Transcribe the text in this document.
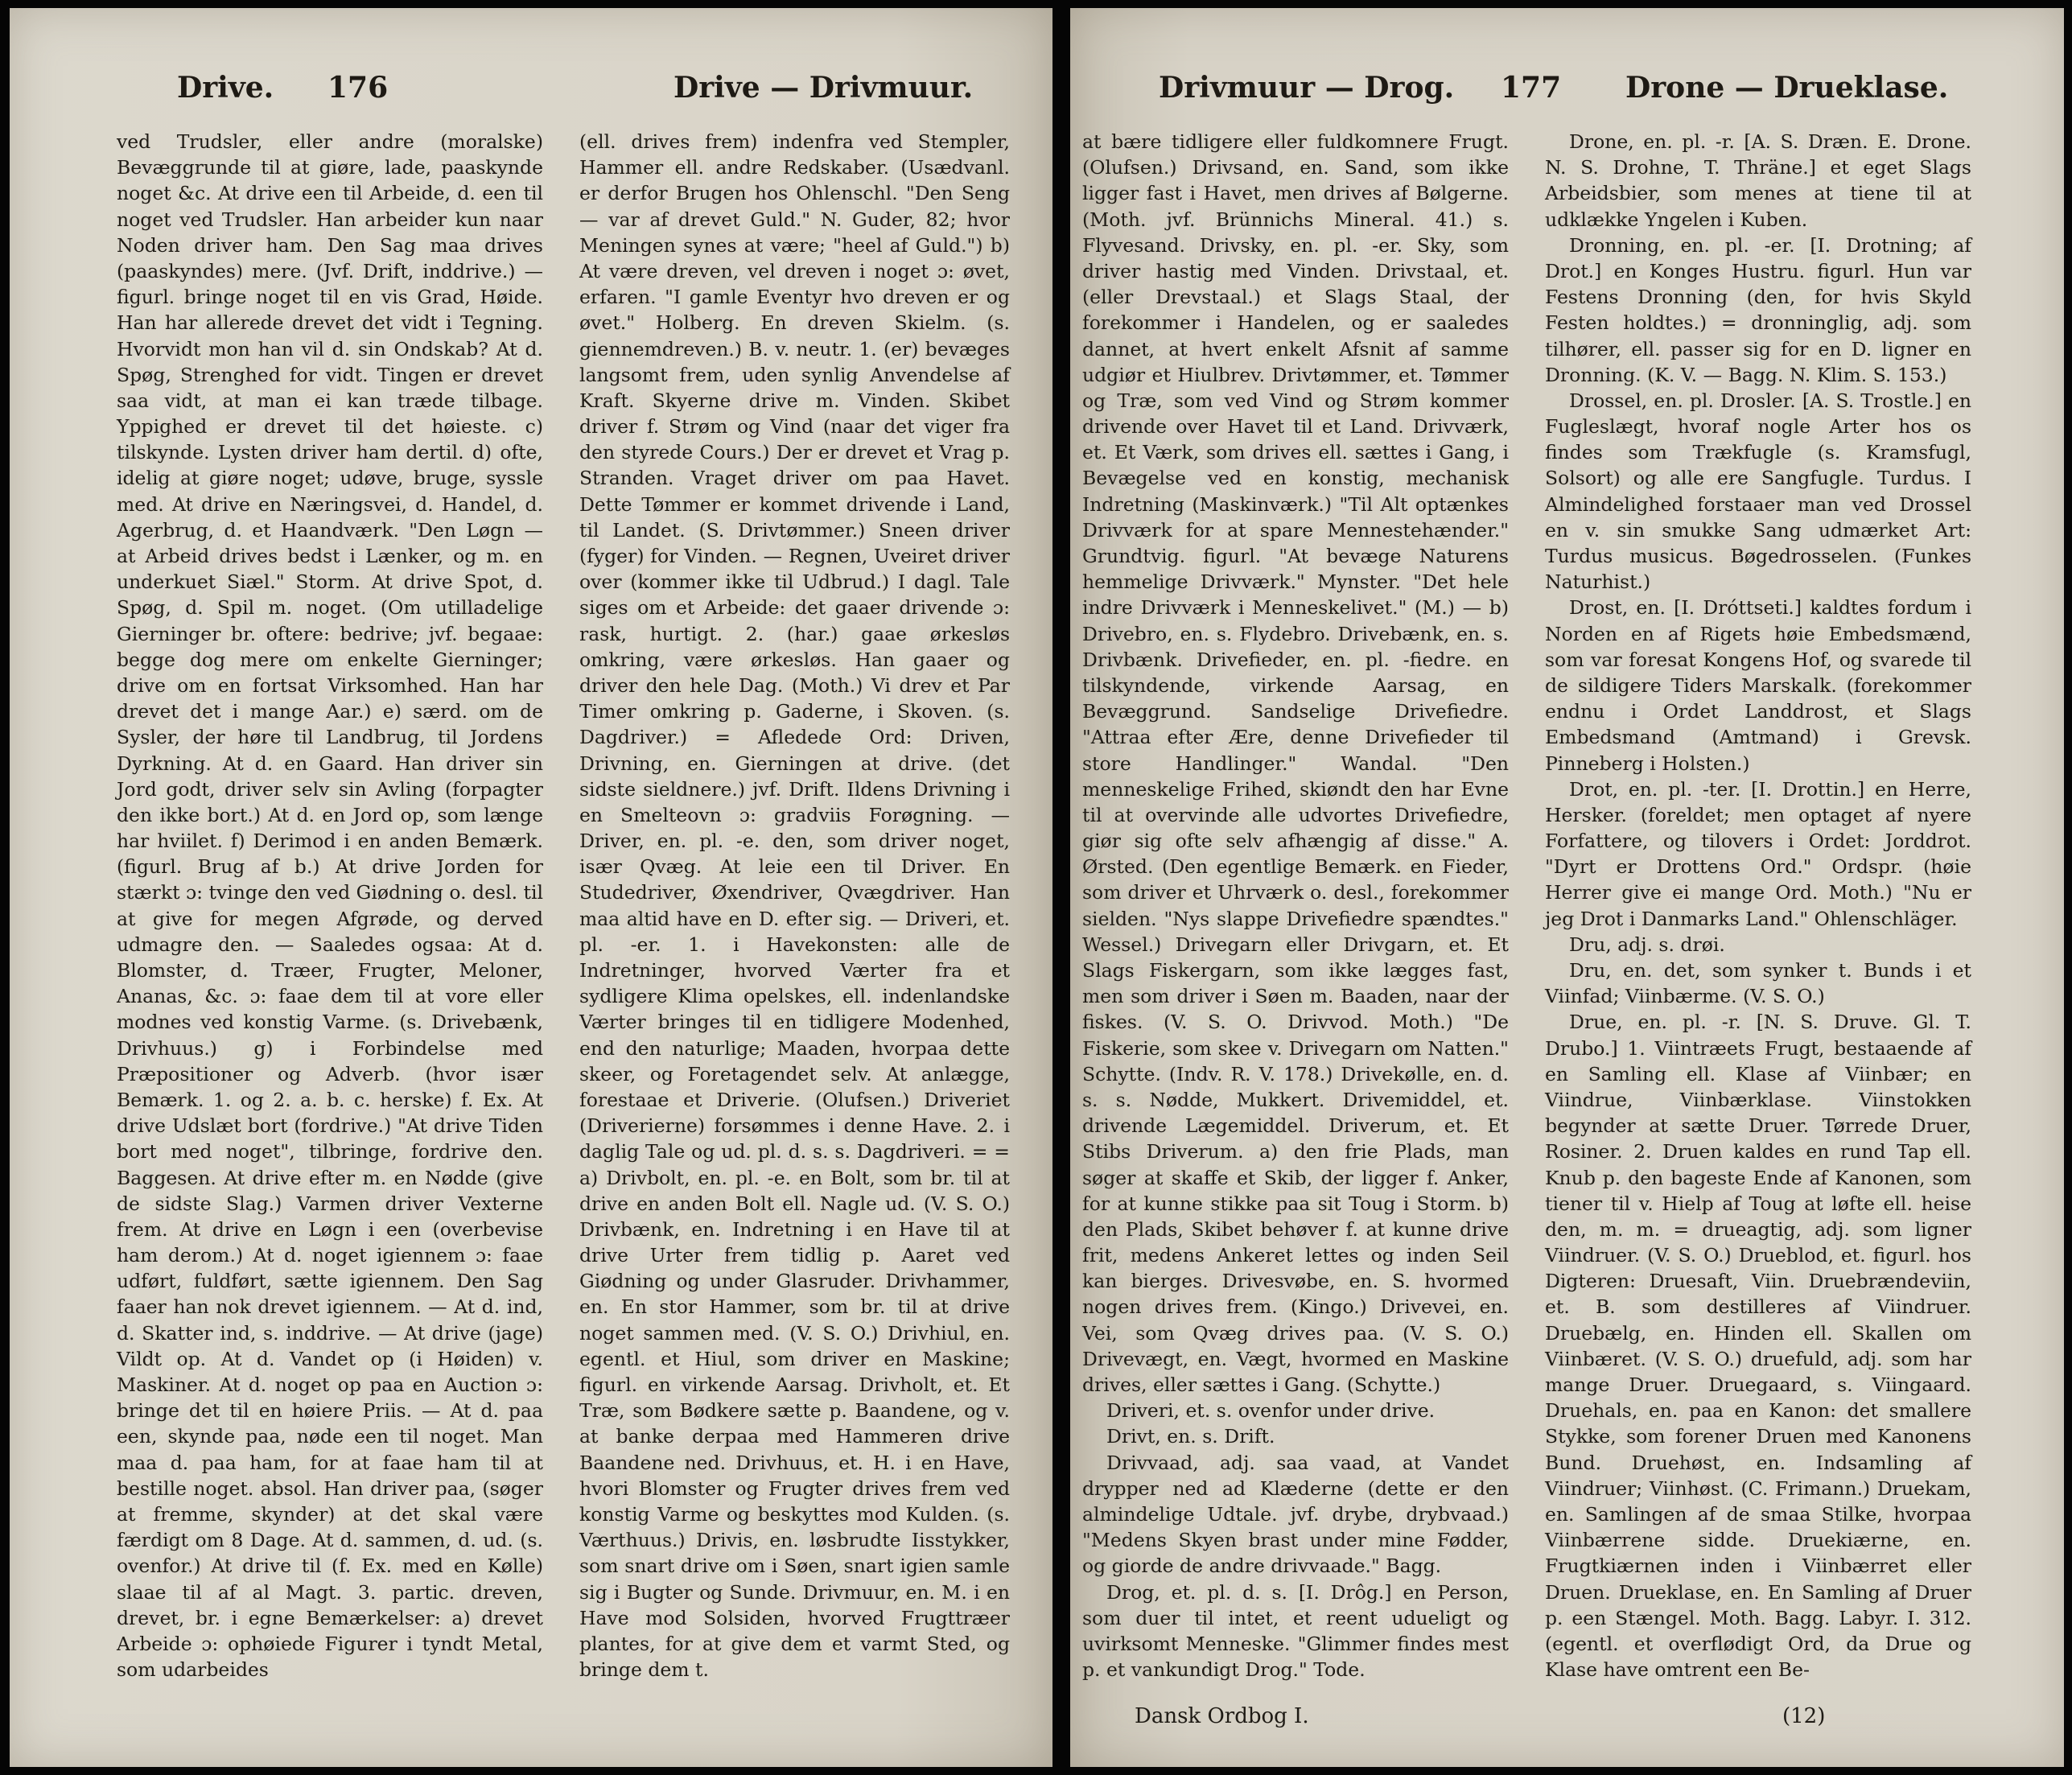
Drive. 176	Drive — Drivmuur.	Drivmuur — Drog. 177 Drone — Drueklase.

ved Trudsler, eller andre (moralske) Bevæggrunde til at giøre, lade, paaskynde noget &c. At drive een til Arbeide, d. een til noget ved Trudsler. Han arbeider kun naar Noden driver ham. Den Sag maa drives (paaskyndes) mere. (Jvf. Drift, inddrive.) — figurl. bringe noget til en vis Grad, Høide. Han har allerede drevet det vidt i Tegning. Hvorvidt mon han vil d. sin Ondskab? At d. Spøg, Strenghed for vidt. Tingen er drevet saa vidt, at man ei kan træde tilbage. Yppighed er drevet til det høieste. c) tilskynde. Lysten driver ham dertil. d) ofte, idelig at giøre noget; udøve, bruge, syssle med. At drive en Næringsvei, d. Handel, d. Agerbrug, d. et Haandværk. "Den Løgn — at Arbeid drives bedst i Lænker, og m. en underkuet Siæl." Storm. At drive Spot, d. Spøg, d. Spil m. noget. (Om utilladelige Gierninger br. oftere: bedrive; jvf. begaae: begge dog mere om enkelte Gierninger; drive om en fortsat Virksomhed. Han har drevet det i mange Aar.) e) særd. om de Sysler, der høre til Landbrug, til Jordens Dyrkning. At d. en Gaard. Han driver sin Jord godt, driver selv sin Avling (forpagter den ikke bort.) At d. en Jord op, som længe har hviilet. f) Derimod i en anden Bemærk. (figurl. Brug af b.) At drive Jorden for stærkt ɔ: tvinge den ved Giødning o. desl. til at give for megen Afgrøde, og derved udmagre den. — Saaledes ogsaa: At d. Blomster, d. Træer, Frugter, Meloner, Ananas, &c. ɔ: faae dem til at vore eller modnes ved konstig Varme. (s. Drivebænk, Drivhuus.) g) i Forbindelse med Præpositioner og Adverb. (hvor især Bemærk. 1. og 2. a. b. c. herske) f. Ex. At drive Udslæt bort (fordrive.) "At drive Tiden bort med noget", tilbringe, fordrive den. Baggesen. At drive efter m. en Nødde (give de sidste Slag.) Varmen driver Vexterne frem. At drive en Løgn i een (overbevise ham derom.) At d. noget igiennem ɔ: faae udført, fuldført, sætte igiennem. Den Sag faaer han nok drevet igiennem. — At d. ind, d. Skatter ind, s. inddrive. — At drive (jage) Vildt op. At d. Vandet op (i Høiden) v. Maskiner. At d. noget op paa en Auction ɔ: bringe det til en høiere Priis. — At d. paa een, skynde paa, nøde een til noget. Man maa d. paa ham, for at faae ham til at bestille noget. absol. Han driver paa, (søger at fremme, skynder) at det skal være færdigt om 8 Dage. At d. sammen, d. ud. (s. ovenfor.) At drive til (f. Ex. med en Kølle) slaae til af al Magt. 3. partic. dreven, drevet, br. i egne Bemærkelser: a) drevet Arbeide ɔ: ophøiede Figurer i tyndt Metal, som udarbeides

(ell. drives frem) indenfra ved Stempler, Hammer ell. andre Redskaber. (Usædvanl. er derfor Brugen hos Ohlenschl. "Den Seng — var af drevet Guld." N. Guder, 82; hvor Meningen synes at være; "heel af Guld.") b) At være dreven, vel dreven i noget ɔ: øvet, erfaren. "I gamle Eventyr hvo dreven er og øvet." Holberg. En dreven Skielm. (s. giennemdreven.) B. v. neutr. 1. (er) bevæges langsomt frem, uden synlig Anvendelse af Kraft. Skyerne drive m. Vinden. Skibet driver f. Strøm og Vind (naar det viger fra den styrede Cours.) Der er drevet et Vrag p. Stranden. Vraget driver om paa Havet. Dette Tømmer er kommet drivende i Land, til Landet. (S. Drivtømmer.) Sneen driver (fyger) for Vinden. — Regnen, Uveiret driver over (kommer ikke til Udbrud.) I dagl. Tale siges om et Arbeide: det gaaer drivende ɔ: rask, hurtigt. 2. (har.) gaae ørkesløs omkring, være ørkesløs. Han gaaer og driver den hele Dag. (Moth.) Vi drev et Par Timer omkring p. Gaderne, i Skoven. (s. Dagdriver.) = Afledede Ord: Driven, Drivning, en. Gierningen at drive. (det sidste sieldnere.) jvf. Drift. Ildens Drivning i en Smelteovn ɔ: gradviis Forøgning. — Driver, en. pl. -e. den, som driver noget, især Qvæg. At leie een til Driver. En Studedriver, Øxendriver, Qvægdriver. Han maa altid have en D. efter sig. — Driveri, et. pl. -er. 1. i Havekonsten: alle de Indretninger, hvorved Værter fra et sydligere Klima opelskes, ell. indenlandske Værter bringes til en tidligere Modenhed, end den naturlige; Maaden, hvorpaa dette skeer, og Foretagendet selv. At anlægge, forestaae et Driverie. (Olufsen.) Driveriet (Driverierne) forsømmes i denne Have. 2. i daglig Tale og ud. pl. d. s. s. Dagdriveri. = = a) Drivbolt, en. pl. -e. en Bolt, som br. til at drive en anden Bolt ell. Nagle ud. (V. S. O.) Drivbænk, en. Indretning i en Have til at drive Urter frem tidlig p. Aaret ved Giødning og under Glasruder. Drivhammer, en. En stor Hammer, som br. til at drive noget sammen med. (V. S. O.) Drivhiul, en. egentl. et Hiul, som driver en Maskine; figurl. en virkende Aarsag. Drivholt, et. Et Træ, som Bødkere sætte p. Baandene, og v. at banke derpaa med Hammeren drive Baandene ned. Drivhuus, et. H. i en Have, hvori Blomster og Frugter drives frem ved konstig Varme og beskyttes mod Kulden. (s. Værthuus.) Drivis, en. løsbrudte Iisstykker, som snart drive om i Søen, snart igien samle sig i Bugter og Sunde. Drivmuur, en. M. i en Have mod Solsiden, hvorved Frugttræer plantes, for at give dem et varmt Sted, og bringe dem t.

at bære tidligere eller fuldkomnere Frugt. (Olufsen.) Drivsand, en. Sand, som ikke ligger fast i Havet, men drives af Bølgerne. (Moth. jvf. Brünnichs Mineral. 41.) s. Flyvesand. Drivsky, en. pl. -er. Sky, som driver hastig med Vinden. Drivstaal, et. (eller Drevstaal.) et Slags Staal, der forekommer i Handelen, og er saaledes dannet, at hvert enkelt Afsnit af samme udgiør et Hiulbrev. Drivtømmer, et. Tømmer og Træ, som ved Vind og Strøm kommer drivende over Havet til et Land. Drivværk, et. Et Værk, som drives ell. sættes i Gang, i Bevægelse ved en konstig, mechanisk Indretning (Maskinværk.) "Til Alt optænkes Drivværk for at spare Mennestehænder." Grundtvig. figurl. "At bevæge Naturens hemmelige Drivværk." Mynster. "Det hele indre Drivværk i Menneskelivet." (M.) — b) Drivebro, en. s. Flydebro. Drivebænk, en. s. Drivbænk. Drivefieder, en. pl. -fiedre. en tilskyndende, virkende Aarsag, en Bevæggrund. Sandselige Drivefiedre. "Attraa efter Ære, denne Drivefieder til store Handlinger." Wandal. "Den menneskelige Frihed, skiøndt den har Evne til at overvinde alle udvortes Drivefiedre, giør sig ofte selv afhængig af disse." A. Ørsted. (Den egentlige Bemærk. en Fieder, som driver et Uhrværk o. desl., forekommer sielden. "Nys slappe Drivefiedre spændtes." Wessel.) Drivegarn eller Drivgarn, et. Et Slags Fiskergarn, som ikke lægges fast, men som driver i Søen m. Baaden, naar der fiskes. (V. S. O. Drivvod. Moth.) "De Fiskerie, som skee v. Drivegarn om Natten." Schytte. (Indv. R. V. 178.) Drivekølle, en. d. s. s. Nødde, Mukkert. Drivemiddel, et. drivende Lægemiddel. Driverum, et. Et Stibs Driverum. a) den frie Plads, man søger at skaffe et Skib, der ligger f. Anker, for at kunne stikke paa sit Toug i Storm. b) den Plads, Skibet behøver f. at kunne drive frit, medens Ankeret lettes og inden Seil kan bierges. Drivesvøbe, en. S. hvormed nogen drives frem. (Kingo.) Drivevei, en. Vei, som Qvæg drives paa. (V. S. O.) Drivevægt, en. Vægt, hvormed en Maskine drives, eller sættes i Gang. (Schytte.)

Driveri, et. s. ovenfor under drive.

Drivt, en. s. Drift.

Drivvaad, adj. saa vaad, at Vandet drypper ned ad Klæderne (dette er den almindelige Udtale. jvf. drybe, drybvaad.) "Medens Skyen brast under mine Fødder, og giorde de andre drivvaade." Bagg.

Drog, et. pl. d. s. [I. Drôg.] en Person, som duer til intet, et reent udueligt og uvirksomt Menneske. "Glimmer findes mest p. et vankundigt Drog." Tode.

Drone, en. pl. -r. [A. S. Dræn. E. Drone. N. S. Drohne, T. Thräne.] et eget Slags Arbeidsbier, som menes at tiene til at udklække Yngelen i Kuben.

Dronning, en. pl. -er. [I. Drotning; af Drot.] en Konges Hustru. figurl. Hun var Festens Dronning (den, for hvis Skyld Festen holdtes.) = dronninglig, adj. som tilhører, ell. passer sig for en D. ligner en Dronning. (K. V. — Bagg. N. Klim. S. 153.)

Drossel, en. pl. Drosler. [A. S. Trostle.] en Fugleslægt, hvoraf nogle Arter hos os findes som Trækfugle (s. Kramsfugl, Solsort) og alle ere Sangfugle. Turdus. I Almindelighed forstaaer man ved Drossel en v. sin smukke Sang udmærket Art: Turdus musicus. Bøgedrosselen. (Funkes Naturhist.)

Drost, en. [I. Dróttseti.] kaldtes fordum i Norden en af Rigets høie Embedsmænd, som var foresat Kongens Hof, og svarede til de sildigere Tiders Marskalk. (forekommer endnu i Ordet Landdrost, et Slags Embedsmand (Amtmand) i Grevsk. Pinneberg i Holsten.)

Drot, en. pl. -ter. [I. Drottin.] en Herre, Hersker. (foreldet; men optaget af nyere Forfattere, og tilovers i Ordet: Jorddrot. "Dyrt er Drottens Ord." Ordspr. (høie Herrer give ei mange Ord. Moth.) "Nu er jeg Drot i Danmarks Land." Ohlenschläger.

Dru, adj. s. drøi.

Dru, en. det, som synker t. Bunds i et Viinfad; Viinbærme. (V. S. O.)

Drue, en. pl. -r. [N. S. Druve. Gl. T. Drubo.] 1. Viintræets Frugt, bestaaende af en Samling ell. Klase af Viinbær; en Viindrue, Viinbærklase. Viinstokken begynder at sætte Druer. Tørrede Druer, Rosiner. 2. Druen kaldes en rund Tap ell. Knub p. den bageste Ende af Kanonen, som tiener til v. Hielp af Toug at løfte ell. heise den, m. m. = drueagtig, adj. som ligner Viindruer. (V. S. O.) Drueblod, et. figurl. hos Digteren: Druesaft, Viin. Druebrændeviin, et. B. som destilleres af Viindruer. Druebælg, en. Hinden ell. Skallen om Viinbæret. (V. S. O.) druefuld, adj. som har mange Druer. Druegaard, s. Viingaard. Druehals, en. paa en Kanon: det smallere Stykke, som forener Druen med Kanonens Bund. Druehøst, en. Indsamling af Viindruer; Viinhøst. (C. Frimann.) Druekam, en. Samlingen af de smaa Stilke, hvorpaa Viinbærrene sidde. Druekiærne, en. Frugtkiærnen inden i Viinbærret eller Druen. Drueklase, en. En Samling af Druer p. een Stængel. Moth. Bagg. Labyr. I. 312. (egentl. et overflødigt Ord, da Drue og Klase have omtrent een Be-

Dansk Ordbog I.	(12)
